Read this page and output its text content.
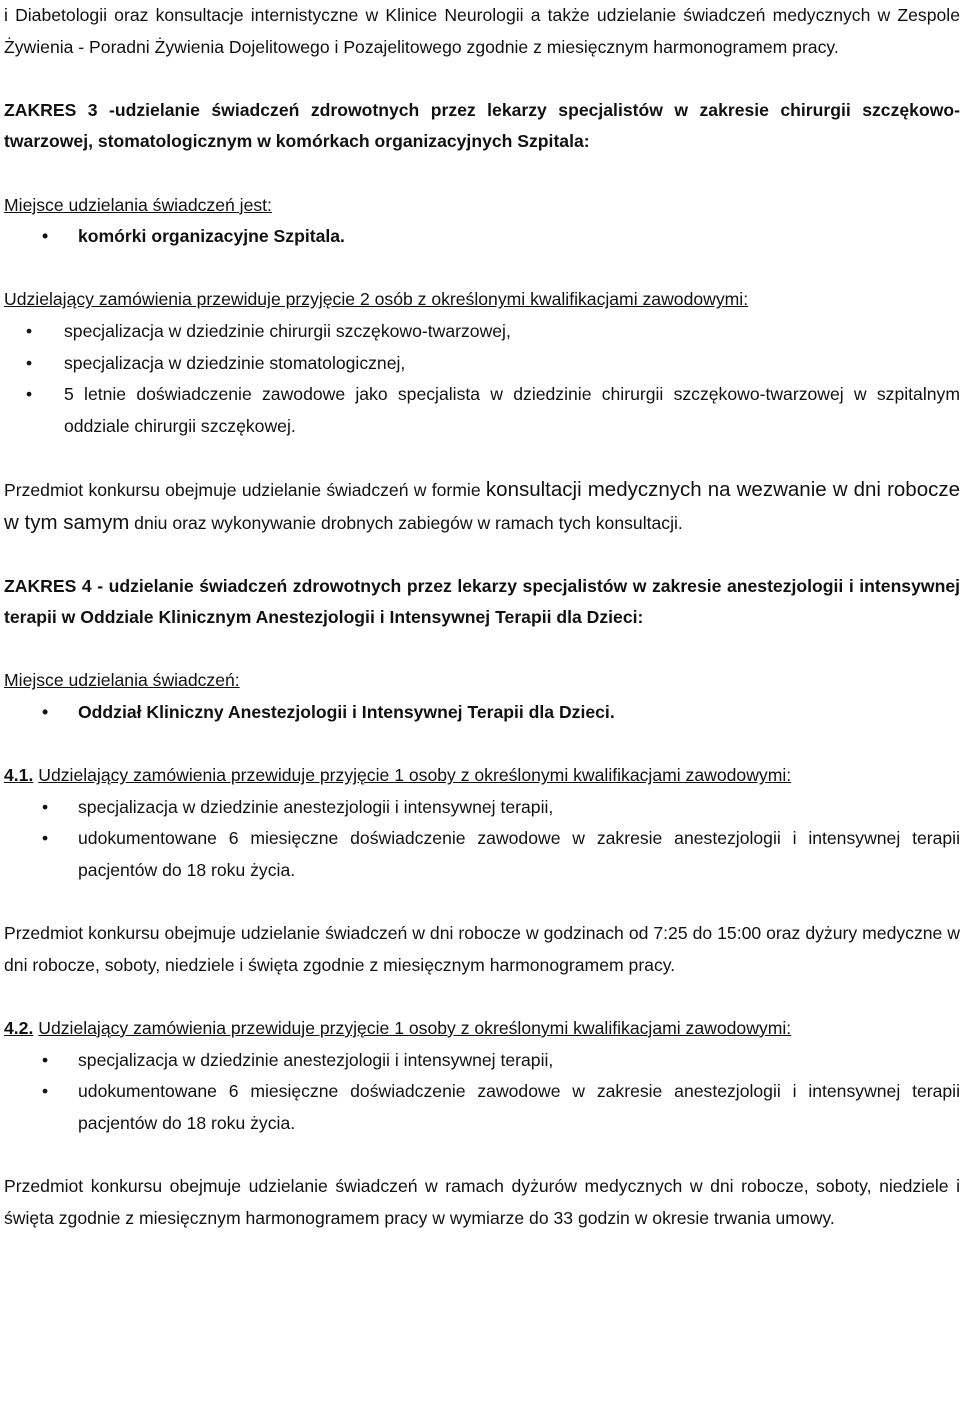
i Diabetologii oraz konsultacje internistyczne w Klinice Neurologii a także udzielanie świadczeń medycznych w Zespole Żywienia - Poradni Żywienia Dojelitowego i Pozajelitowego zgodnie z miesięcznym harmonogramem pracy.

ZAKRES 3 -udzielanie świadczeń zdrowotnych przez lekarzy specjalistów w zakresie chirurgii szczękowo-twarzowej, stomatologicznym w komórkach organizacyjnych Szpitala:

Miejsce udzielania świadczeń jest:

• komórki organizacyjne Szpitala.

Udzielający zamówienia przewiduje przyjęcie 2 osób z określonymi kwalifikacjami zawodowymi:

• specjalizacja w dziedzinie chirurgii szczękowo-twarzowej,
• specjalizacja w dziedzinie stomatologicznej,
• 5 letnie doświadczenie zawodowe jako specjalista w dziedzinie chirurgii szczękowo-twarzowej w szpitalnym oddziale chirurgii szczękowej.

Przedmiot konkursu obejmuje udzielanie świadczeń w formie konsultacji medycznych na wezwanie w dni robocze w tym samym dniu oraz wykonywanie drobnych zabiegów w ramach tych konsultacji.

ZAKRES 4 - udzielanie świadczeń zdrowotnych przez lekarzy specjalistów w zakresie anestezjologii i intensywnej terapii w Oddziale Klinicznym Anestezjologii i Intensywnej Terapii dla Dzieci:

Miejsce udzielania świadczeń:

• Oddział Kliniczny Anestezjologii i Intensywnej Terapii dla Dzieci.

4.1. Udzielający zamówienia przewiduje przyjęcie 1 osoby z określonymi kwalifikacjami zawodowymi:

• specjalizacja w dziedzinie anestezjologii i intensywnej terapii,
• udokumentowane 6 miesięczne doświadczenie zawodowe w zakresie anestezjologii i intensywnej terapii pacjentów do 18 roku życia.

Przedmiot konkursu obejmuje udzielanie świadczeń w dni robocze w godzinach od 7:25 do 15:00 oraz dyżury medyczne w dni robocze, soboty, niedziele i święta zgodnie z miesięcznym harmonogramem pracy.

4.2. Udzielający zamówienia przewiduje przyjęcie 1 osoby z określonymi kwalifikacjami zawodowymi:

• specjalizacja w dziedzinie anestezjologii i intensywnej terapii,
• udokumentowane 6 miesięczne doświadczenie zawodowe w zakresie anestezjologii i intensywnej terapii pacjentów do 18 roku życia.

Przedmiot konkursu obejmuje udzielanie świadczeń w ramach dyżurów medycznych w dni robocze, soboty, niedziele i święta zgodnie z miesięcznym harmonogramem pracy w wymiarze do 33 godzin w okresie trwania umowy.
